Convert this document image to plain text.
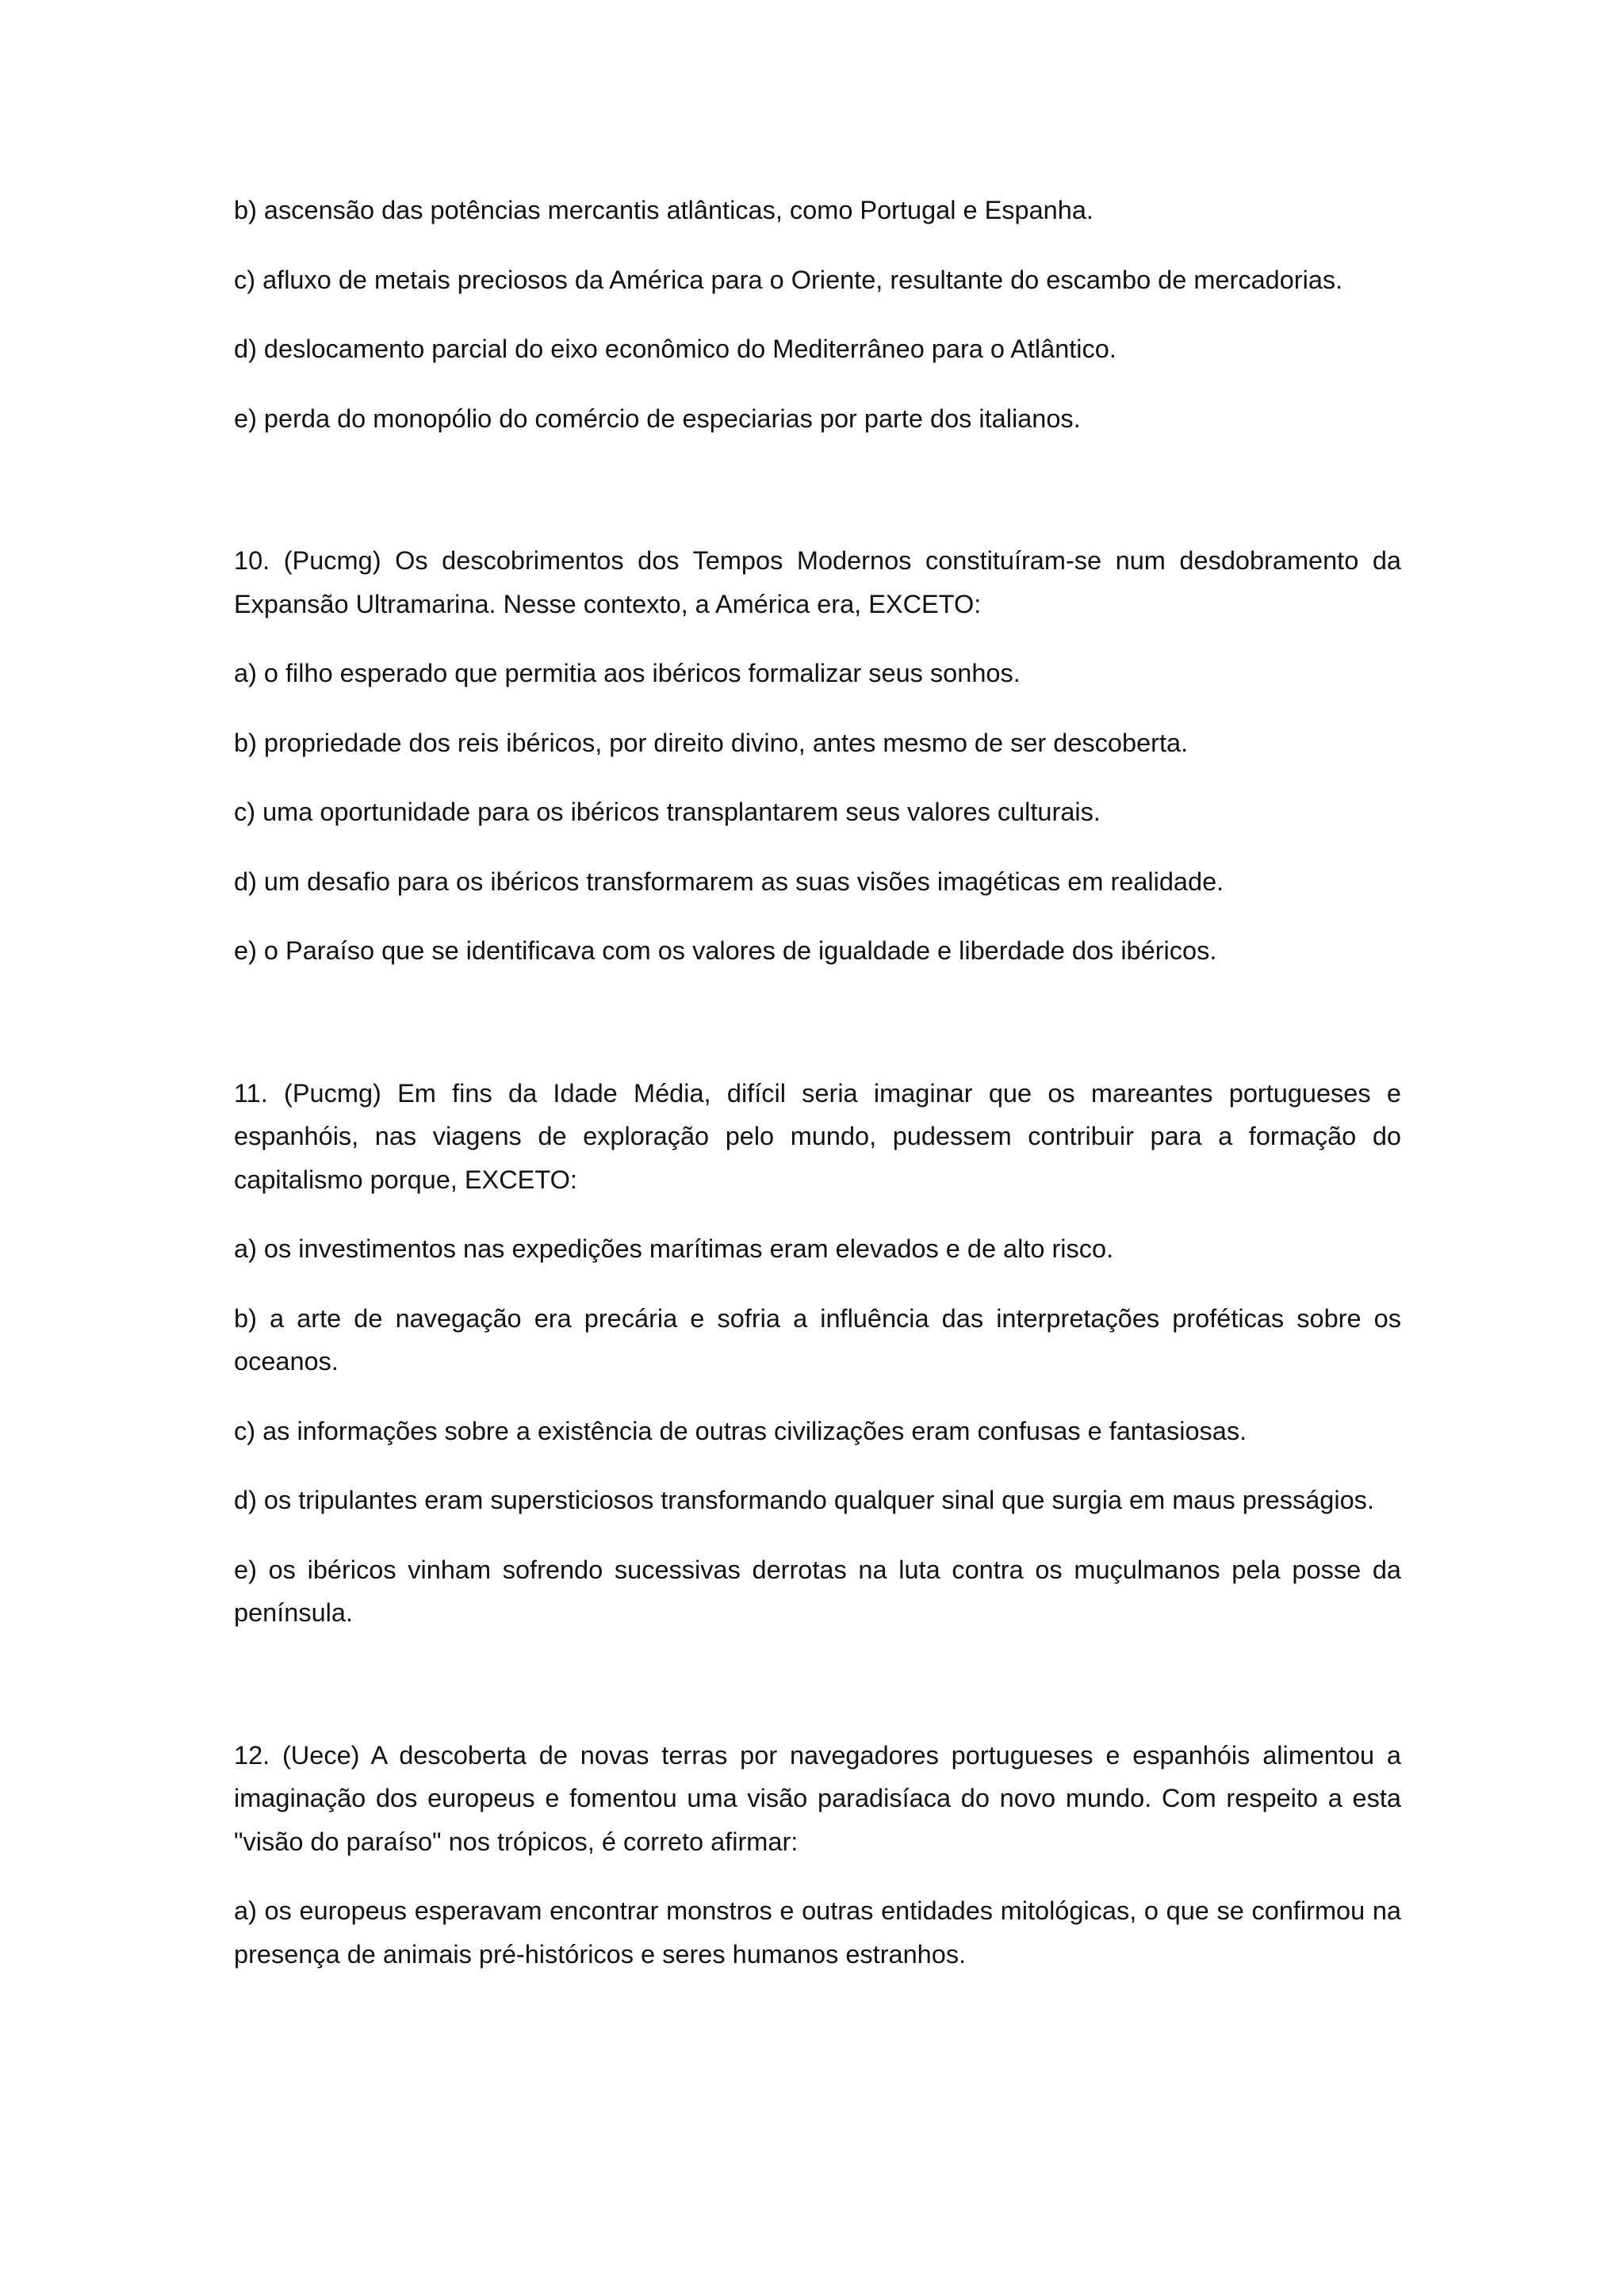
b) ascensão das potências mercantis atlânticas, como Portugal e Espanha.

c) afluxo de metais preciosos da América para o Oriente, resultante do escambo de mercadorias.

d) deslocamento parcial do eixo econômico do Mediterrâneo para o Atlântico.

e) perda do monopólio do comércio de especiarias por parte dos italianos.

10. (Pucmg) Os descobrimentos dos Tempos Modernos constituíram-se num desdobramento da Expansão Ultramarina. Nesse contexto, a América era, EXCETO:

a) o filho esperado que permitia aos ibéricos formalizar seus sonhos.

b) propriedade dos reis ibéricos, por direito divino, antes mesmo de ser descoberta.

c) uma oportunidade para os ibéricos transplantarem seus valores culturais.

d) um desafio para os ibéricos transformarem as suas visões imagéticas em realidade.

e) o Paraíso que se identificava com os valores de igualdade e liberdade dos ibéricos.

11. (Pucmg) Em fins da Idade Média, difícil seria imaginar que os mareantes portugueses e espanhóis, nas viagens de exploração pelo mundo, pudessem contribuir para a formação do capitalismo porque, EXCETO:

a) os investimentos nas expedições marítimas eram elevados e de alto risco.

b) a arte de navegação era precária e sofria a influência das interpretações proféticas sobre os oceanos.

c) as informações sobre a existência de outras civilizações eram confusas e fantasiosas.

d) os tripulantes eram supersticiosos transformando qualquer sinal que surgia em maus presságios.

e) os ibéricos vinham sofrendo sucessivas derrotas na luta contra os muçulmanos pela posse da península.

12. (Uece) A descoberta de novas terras por navegadores portugueses e espanhóis alimentou a imaginação dos europeus e fomentou uma visão paradisíaca do novo mundo. Com respeito a esta "visão do paraíso" nos trópicos, é correto afirmar:

a) os europeus esperavam encontrar monstros e outras entidades mitológicas, o que se confirmou na presença de animais pré-históricos e seres humanos estranhos.
